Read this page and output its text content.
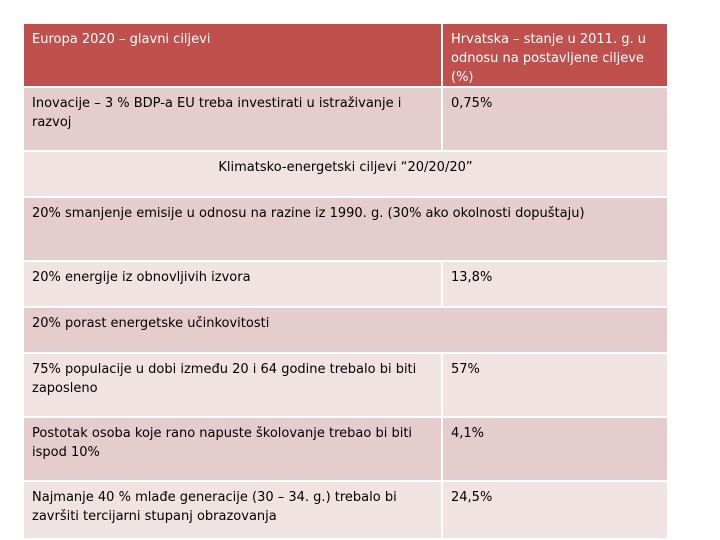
Europa 2020 – glavni ciljevi	Hrvatska – stanje u 2011. g. u odnosu na postavljene ciljeve (%)
Inovacije – 3 % BDP-a EU treba investirati u istraživanje i razvoj
0,75%
Klimatsko-energetski ciljevi “20/20/20”
20% smanjenje emisije u odnosu na razine iz 1990. g. (30% ako okolnosti dopuštaju)
20% energije iz obnovljivih izvora	13,8%
20% porast energetske učinkovitosti
75% populacije u dobi između 20 i 64 godine trebalo bi biti zaposleno
57%
Postotak osoba koje rano napuste školovanje trebao bi biti ispod 10%
4,1%
Najmanje 40 % mlađe generacije (30 – 34. g.) trebalo bi završiti tercijarni stupanj obrazovanja
24,5%
